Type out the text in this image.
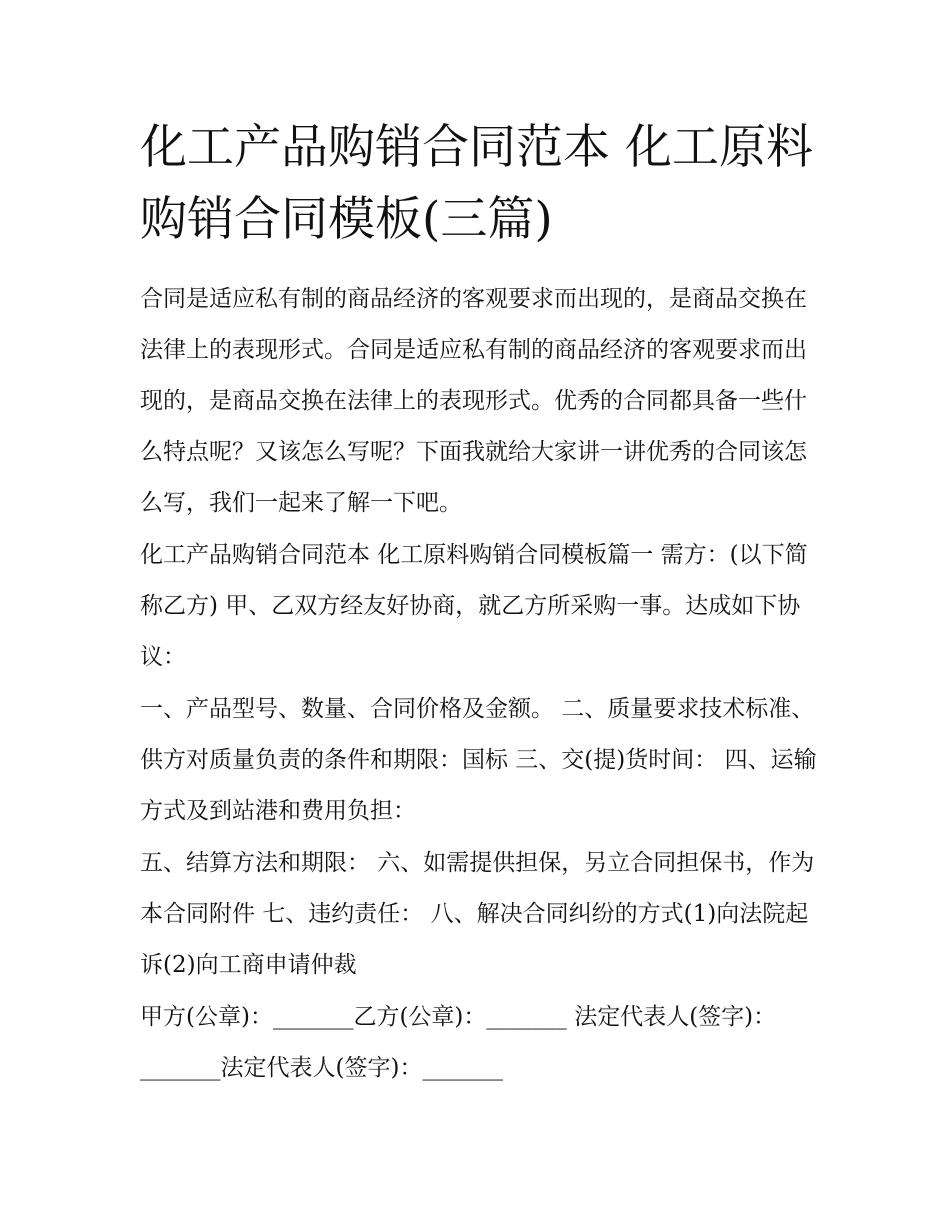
化工产品购销合同范本 化工原料购销合同模板(三篇)

合同是适应私有制的商品经济的客观要求而出现的，是商品交换在法律上的表现形式。合同是适应私有制的商品经济的客观要求而出现的，是商品交换在法律上的表现形式。优秀的合同都具备一些什么特点呢？又该怎么写呢？下面我就给大家讲一讲优秀的合同该怎么写，我们一起来了解一下吧。

化工产品购销合同范本 化工原料购销合同模板篇一 需方：(以下简称乙方) 甲、乙双方经友好协商，就乙方所采购一事。达成如下协议：

一、产品型号、数量、合同价格及金额。 二、质量要求技术标准、供方对质量负责的条件和期限：国标 三、交(提)货时间： 四、运输方式及到站港和费用负担：

五、结算方法和期限： 六、如需提供担保，另立合同担保书，作为本合同附件 七、违约责任： 八、解决合同纠纷的方式(1)向法院起诉(2)向工商申请仲裁

甲方(公章)：_______乙方(公章)：_______ 法定代表人(签字)：_______法定代表人(签字)：_______
